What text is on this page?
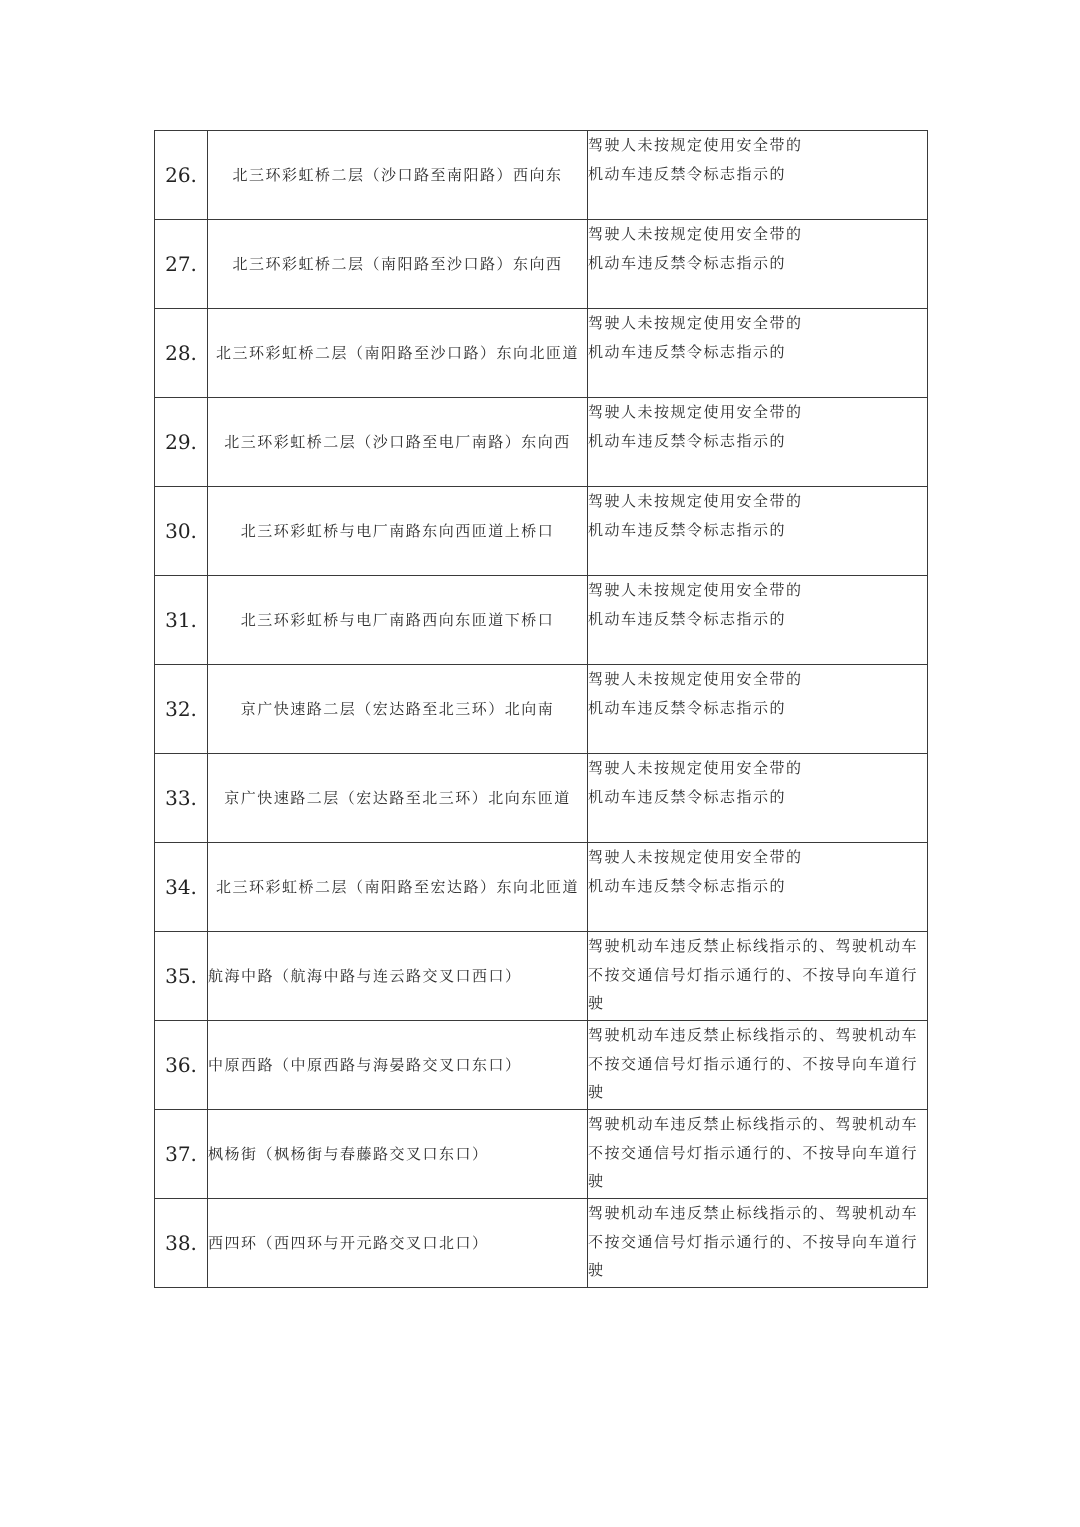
26.	北三环彩虹桥二层（沙口路至南阳路）西向东	驾驶人未按规定使用安全带的
机动车违反禁令标志指示的
27.	北三环彩虹桥二层（南阳路至沙口路）东向西	驾驶人未按规定使用安全带的
机动车违反禁令标志指示的
28.	北三环彩虹桥二层（南阳路至沙口路）东向北匝道	驾驶人未按规定使用安全带的
机动车违反禁令标志指示的
29.	北三环彩虹桥二层（沙口路至电厂南路）东向西	驾驶人未按规定使用安全带的
机动车违反禁令标志指示的
30.	北三环彩虹桥与电厂南路东向西匝道上桥口	驾驶人未按规定使用安全带的
机动车违反禁令标志指示的
31.	北三环彩虹桥与电厂南路西向东匝道下桥口	驾驶人未按规定使用安全带的
机动车违反禁令标志指示的
32.	京广快速路二层（宏达路至北三环）北向南	驾驶人未按规定使用安全带的
机动车违反禁令标志指示的
33.	京广快速路二层（宏达路至北三环）北向东匝道	驾驶人未按规定使用安全带的
机动车违反禁令标志指示的
34.	北三环彩虹桥二层（南阳路至宏达路）东向北匝道	驾驶人未按规定使用安全带的
机动车违反禁令标志指示的
35.	航海中路（航海中路与连云路交叉口西口）	驾驶机动车违反禁止标线指示的、驾驶机动车不按交通信号灯指示通行的、不按导向车道行驶
36.	中原西路（中原西路与海晏路交叉口东口）	驾驶机动车违反禁止标线指示的、驾驶机动车不按交通信号灯指示通行的、不按导向车道行驶
37.	枫杨街（枫杨街与春藤路交叉口东口）	驾驶机动车违反禁止标线指示的、驾驶机动车不按交通信号灯指示通行的、不按导向车道行驶
38.	西四环（西四环与开元路交叉口北口）	驾驶机动车违反禁止标线指示的、驾驶机动车不按交通信号灯指示通行的、不按导向车道行驶
